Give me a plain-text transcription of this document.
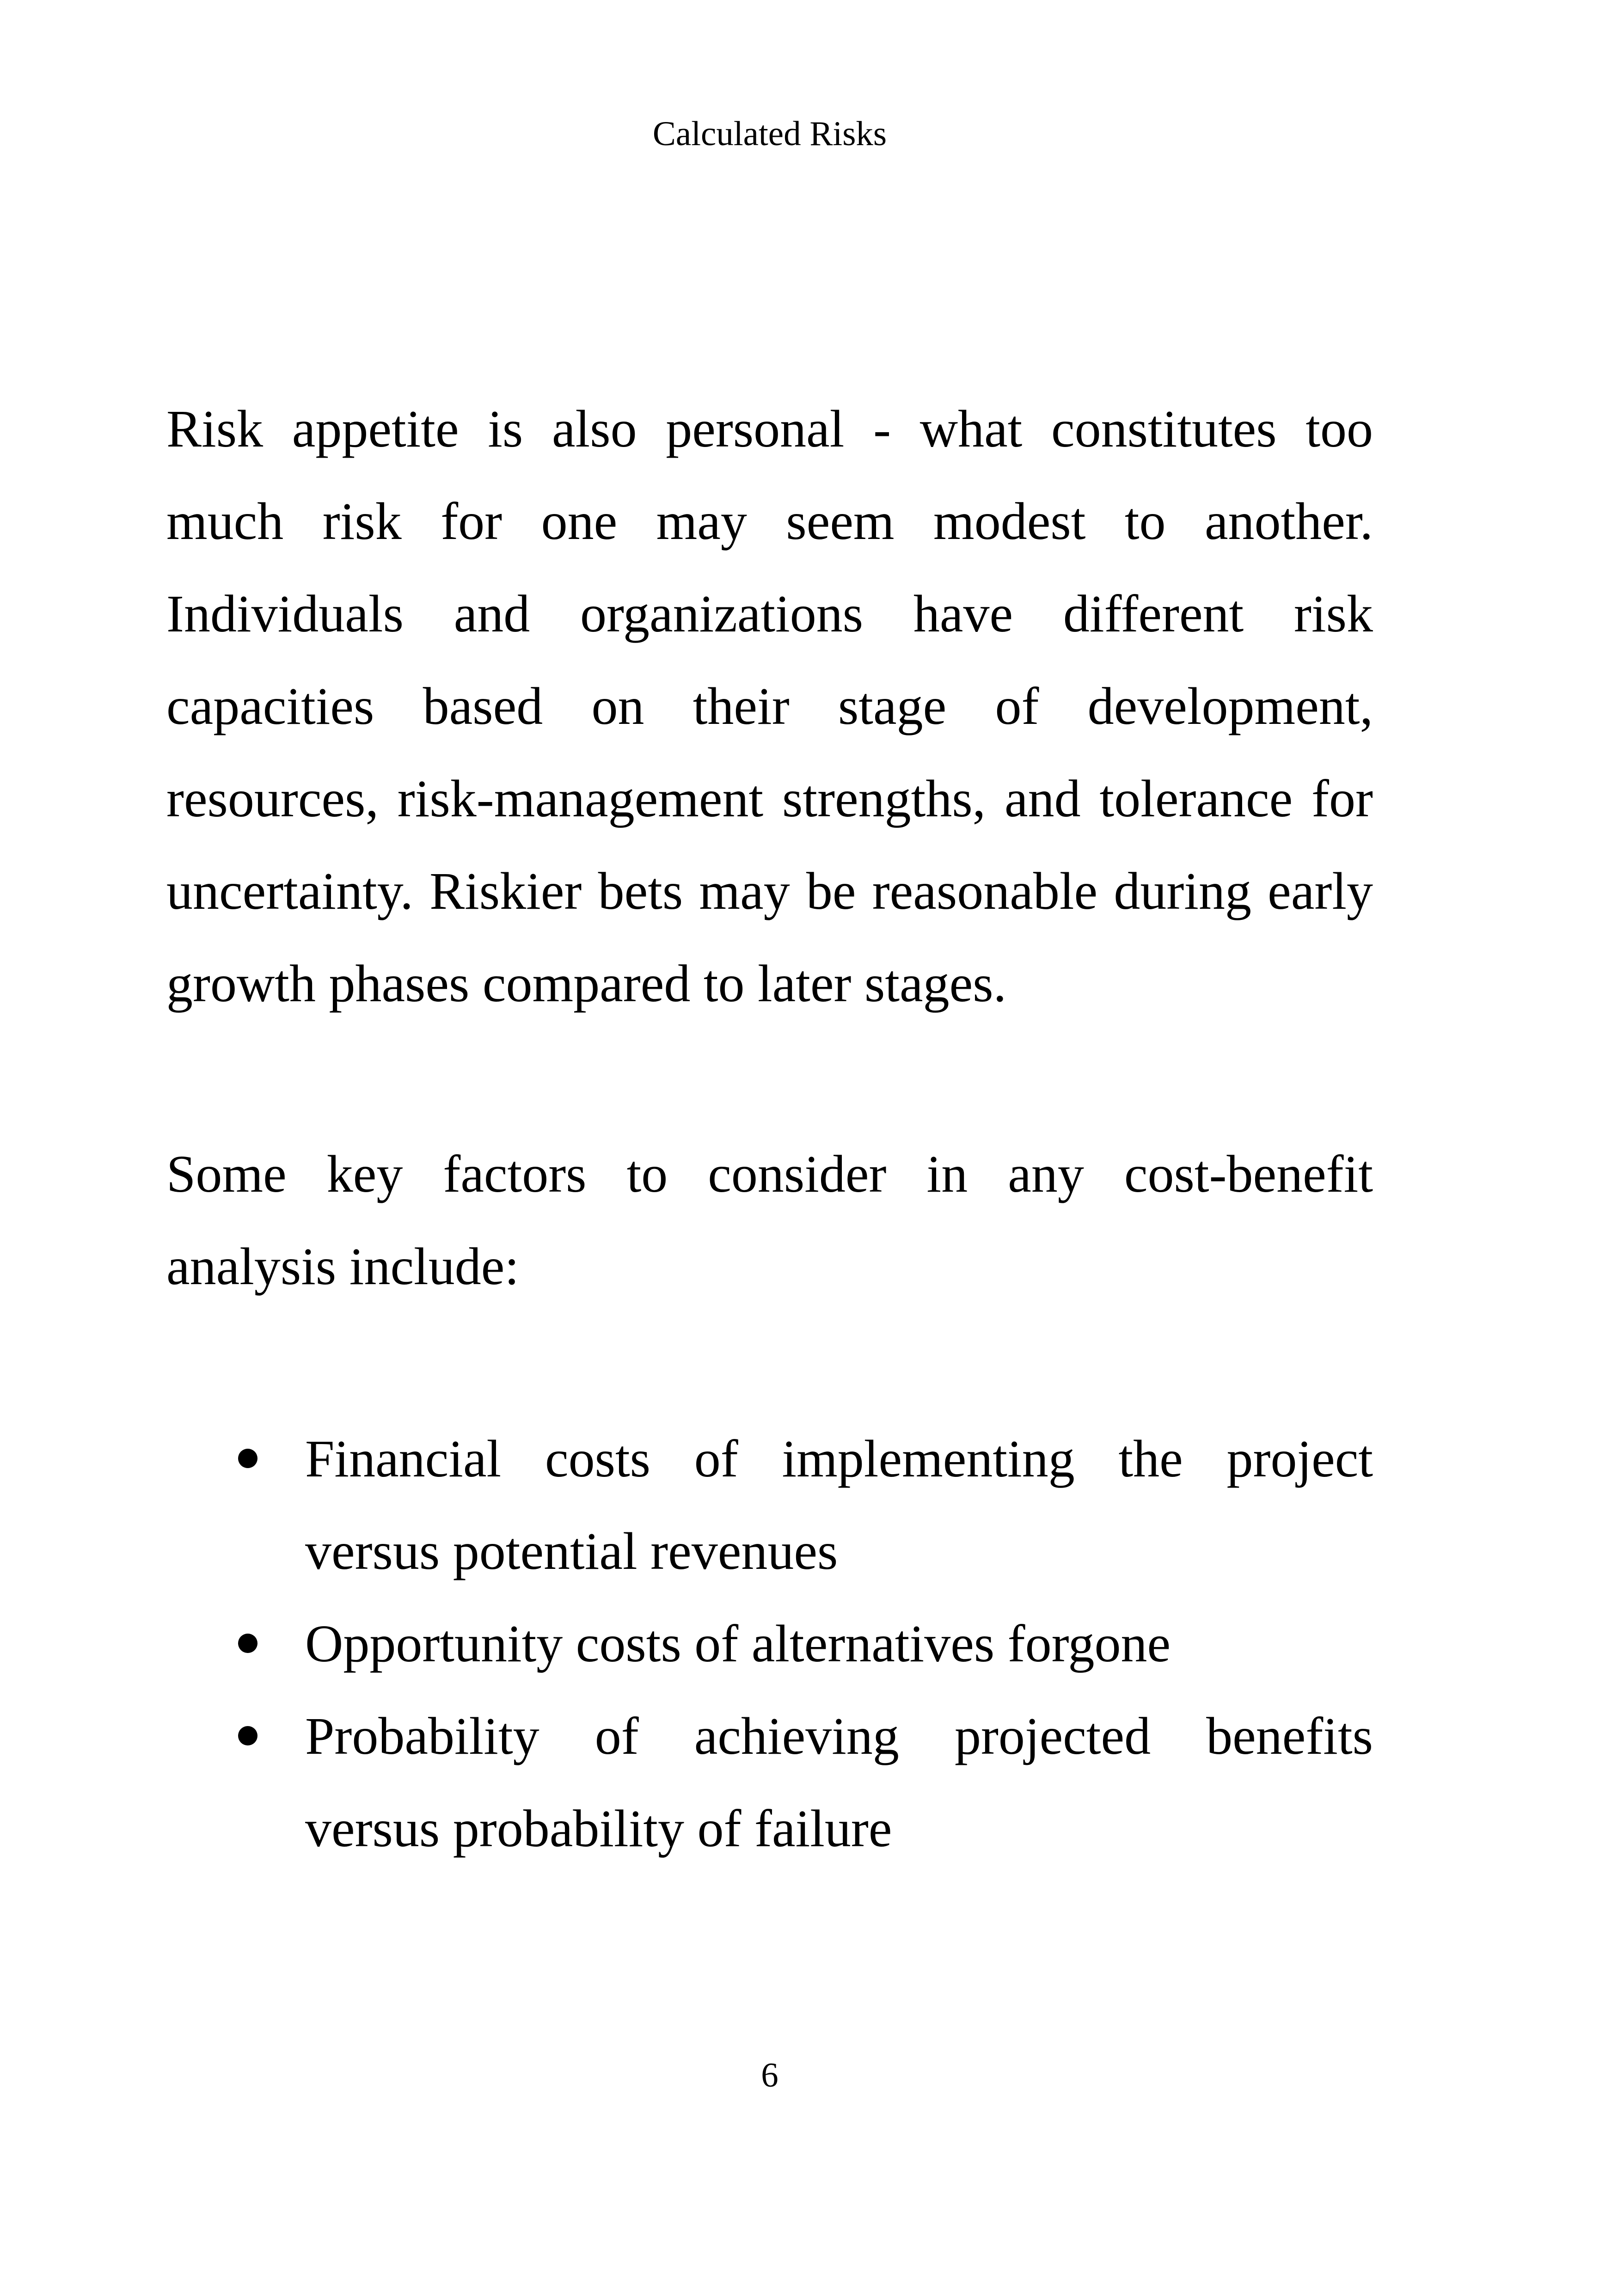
Calculated Risks

Risk appetite is also personal - what constitutes too much risk for one may seem modest to another. Individuals and organizations have different risk capacities based on their stage of development, resources, risk-management strengths, and tolerance for uncertainty. Riskier bets may be reasonable during early growth phases compared to later stages.

Some key factors to consider in any cost-benefit
analysis include:
Financial costs of implementing the project
versus potential revenues
Opportunity costs of alternatives forgone
Probability of achieving projected benefits
versus probability of failure
6
